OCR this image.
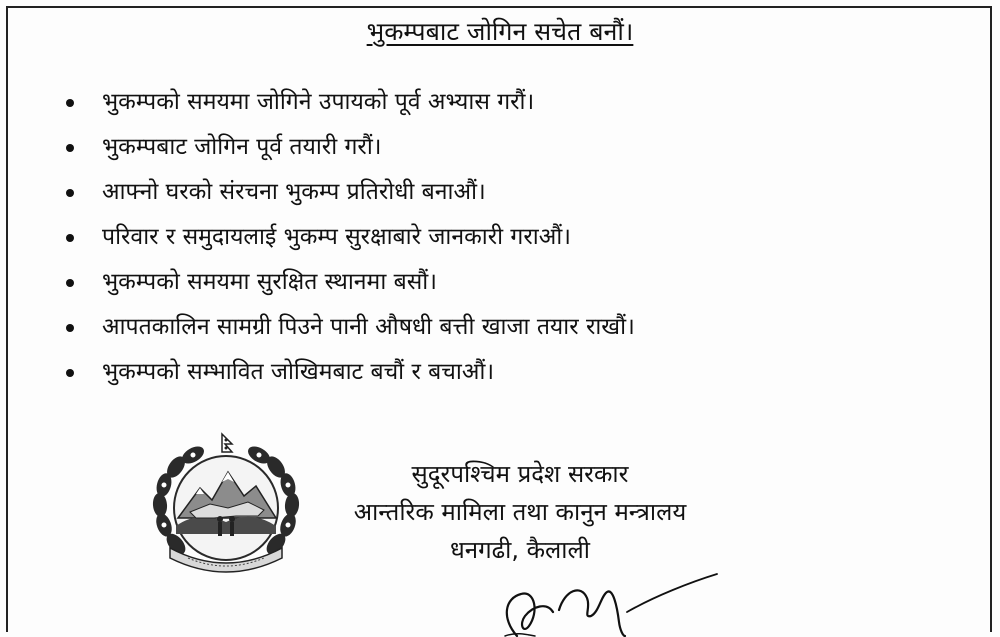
भुकम्पबाट जोगिन सचेत बनौं।
भुकम्पको समयमा जोगिने उपायको पूर्व अभ्यास गरौं।
भुकम्पबाट जोगिन पूर्व तयारी गरौं।
आफ्नो घरको संरचना भुकम्प प्रतिरोधी बनाऔं।
परिवार र समुदायलाई भुकम्प सुरक्षाबारे जानकारी गराऔं।
भुकम्पको समयमा सुरक्षित स्थानमा बसौं।
आपतकालिन सामग्री पिउने पानी औषधी बत्ती खाजा तयार राखौं।
भुकम्पको सम्भावित जोखिमबाट बचौं र बचाऔं।
सुदूरपश्चिम प्रदेश सरकार
आन्तरिक मामिला तथा कानुन मन्त्रालय
धनगढी, कैलाली
